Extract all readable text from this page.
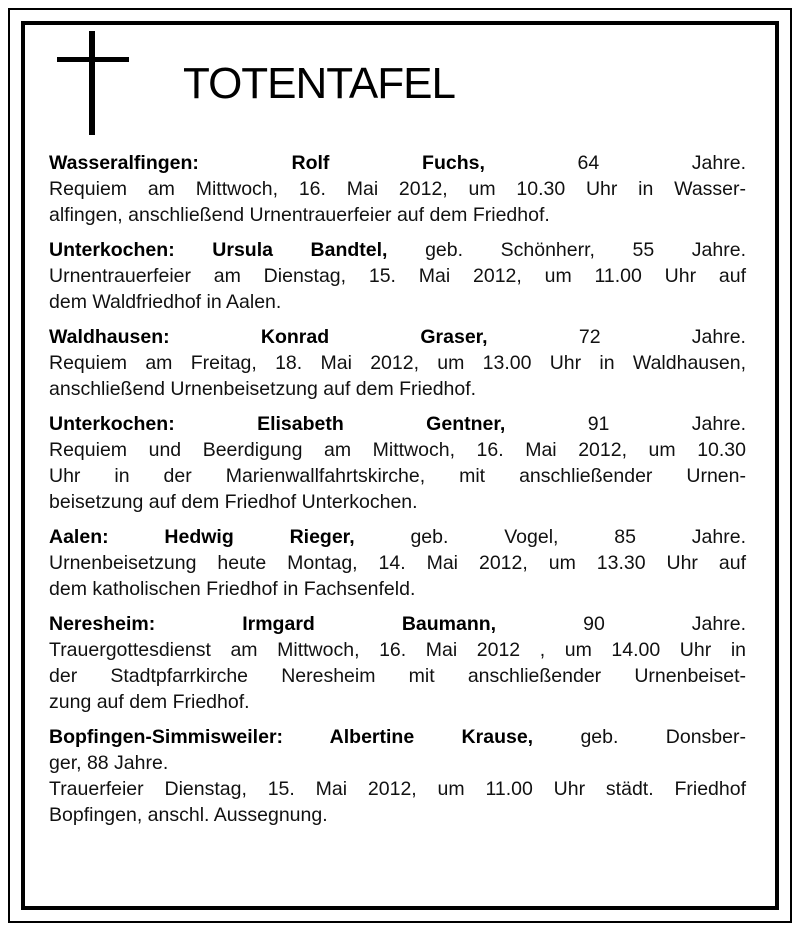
TOTENTAFEL
Wasseralfingen: Rolf Fuchs, 64 Jahre.
Requiem am Mittwoch, 16. Mai 2012, um 10.30 Uhr in Wasser-
alfingen, anschließend Urnentrauerfeier auf dem Friedhof.
Unterkochen: Ursula Bandtel, geb. Schönherr, 55 Jahre.
Urnentrauerfeier am Dienstag, 15. Mai 2012, um 11.00 Uhr auf
dem Waldfriedhof in Aalen.
Waldhausen: Konrad Graser, 72 Jahre.
Requiem am Freitag, 18. Mai 2012, um 13.00 Uhr in Waldhausen,
anschließend Urnenbeisetzung auf dem Friedhof.
Unterkochen: Elisabeth Gentner, 91 Jahre.
Requiem und Beerdigung am Mittwoch, 16. Mai 2012, um 10.30
Uhr in der Marienwallfahrtskirche, mit anschließender Urnen-
beisetzung auf dem Friedhof Unterkochen.
Aalen: Hedwig Rieger, geb. Vogel, 85 Jahre.
Urnenbeisetzung heute Montag, 14. Mai 2012, um 13.30 Uhr auf
dem katholischen Friedhof in Fachsenfeld.
Neresheim: Irmgard Baumann, 90 Jahre.
Trauergottesdienst am Mittwoch, 16. Mai 2012 , um 14.00 Uhr in
der Stadtpfarrkirche Neresheim mit anschließender Urnenbeiset-
zung auf dem Friedhof.
Bopfingen-Simmisweiler: Albertine Krause, geb. Donsber-
ger, 88 Jahre.
Trauerfeier Dienstag, 15. Mai 2012, um 11.00 Uhr städt. Friedhof
Bopfingen, anschl. Aussegnung.
